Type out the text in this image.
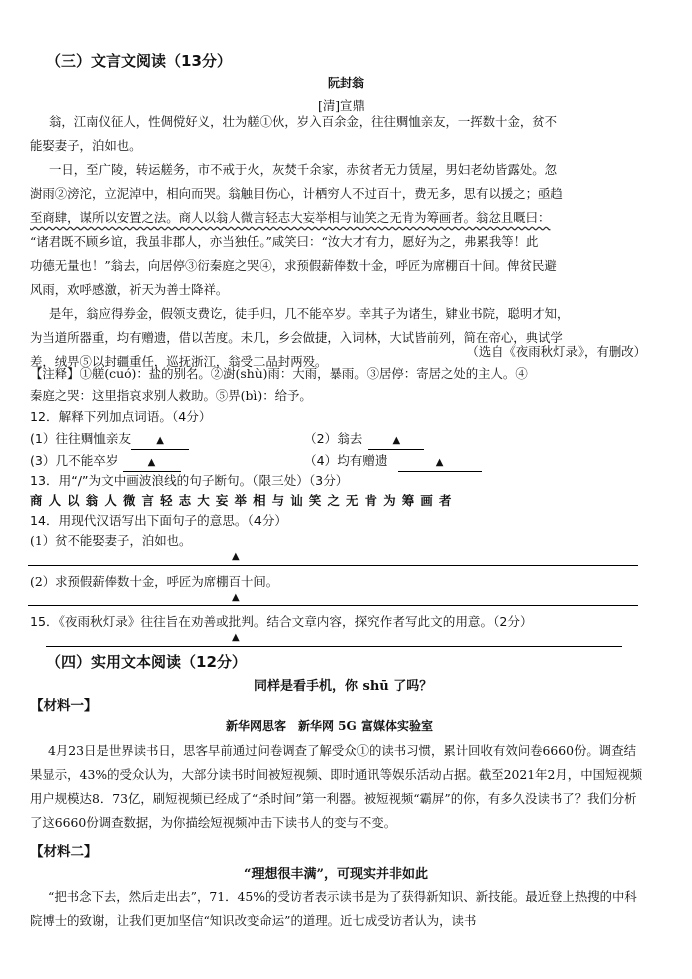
（三）文言文阅读（13分）
阮封翁
[清]宣鼎
翁，江南仪征人，性倜傥好义，壮为艖①伙，岁入百余金，往往赒恤亲友，一挥数十金，贫不
能娶妻子，泊如也。
一日，至广陵，转运艖务，市不戒于火，灰焚千余家，赤贫者无力赁屋，男妇老幼皆露处。忽
澍雨②滂沱，立泥淖中，相向而哭。翁触目伤心，计栖穷人不过百十，费无多，思有以援之；亟趋
至商肆，谋所以安置之法。商人以翁人微言轻志大妄举相与讪笑之无肯为筹画者。翁忿且嘅曰：
“诸君既不顾乡谊，我虽非郡人，亦当独任。”咸笑曰：“汝大才有力，愿好为之，弗累我等！此
功德无量也！”翁去，向居停③衍秦庭之哭④，求预假薪俸数十金，呼匠为席棚百十间。俾贫民避
风雨，欢呼感激，祈天为善士降祥。
是年，翁应得券金，假领支费讫，徒手归，几不能卒岁。幸其子为诸生，肄业书院，聪明才知，
为当道所器重，均有赠遗，借以苦度。未几，乡会做捷，入词林，大试皆前列，简在帝心，典试学
差，绒畀⑤以封疆重任，巡抚浙江，翁受二品封两殁。
（选自《夜雨秋灯录》，有删改）
【注释】①艖(cuó)：盐的别名。②澍(shù)雨：大雨，暴雨。③居停：寄居之处的主人。④
秦庭之哭：这里指哀求别人救助。⑤畀(bì)：给予。
12．解释下列加点词语。（4分）
(1）往往赒恤亲友	▲	（2）翁去	▲
(3）几不能卒岁	▲	（4）均有赠遗	▲
13．用“/”为文中画波浪线的句子断句。（限三处）（3分）
商人以翁人微言轻志大妄举相与讪笑之无肯为筹画者
14．用现代汉语写出下面句子的意思。（4分）
(1）贫不能娶妻子，泊如也。
▲
(2）求预假薪俸数十金，呼匠为席棚百十间。
▲
15．《夜雨秋灯录》往往旨在劝善或批判。结合文章内容，探究作者写此文的用意。（2分）
▲
（四）实用文本阅读（12分）
同样是看手机，你 shū 了吗？
【材料一】
新华网思客　新华网 5G 富媒体实验室
4月23日是世界读书日，思客早前通过问卷调查了解受众①的读书习惯，累计回收有效问卷6660份。调查结果显示，43%的受众认为，大部分读书时间被短视频、即时通讯等娱乐活动占据。截至2021年2月，中国短视频用户规模达8．73亿，刷短视频已经成了“杀时间”第一利器。被短视频“霸屏”的你，有多久没读书了？我们分析了这6660份调查数据，为你描绘短视频冲击下读书人的变与不变。
【材料二】
“理想很丰满”，可现实并非如此
“把书念下去，然后走出去”，71．45%的受访者表示读书是为了获得新知识、新技能。最近登上热搜的中科院博士的致谢，让我们更加坚信“知识改变命运”的道理。近七成受访者认为，读书
